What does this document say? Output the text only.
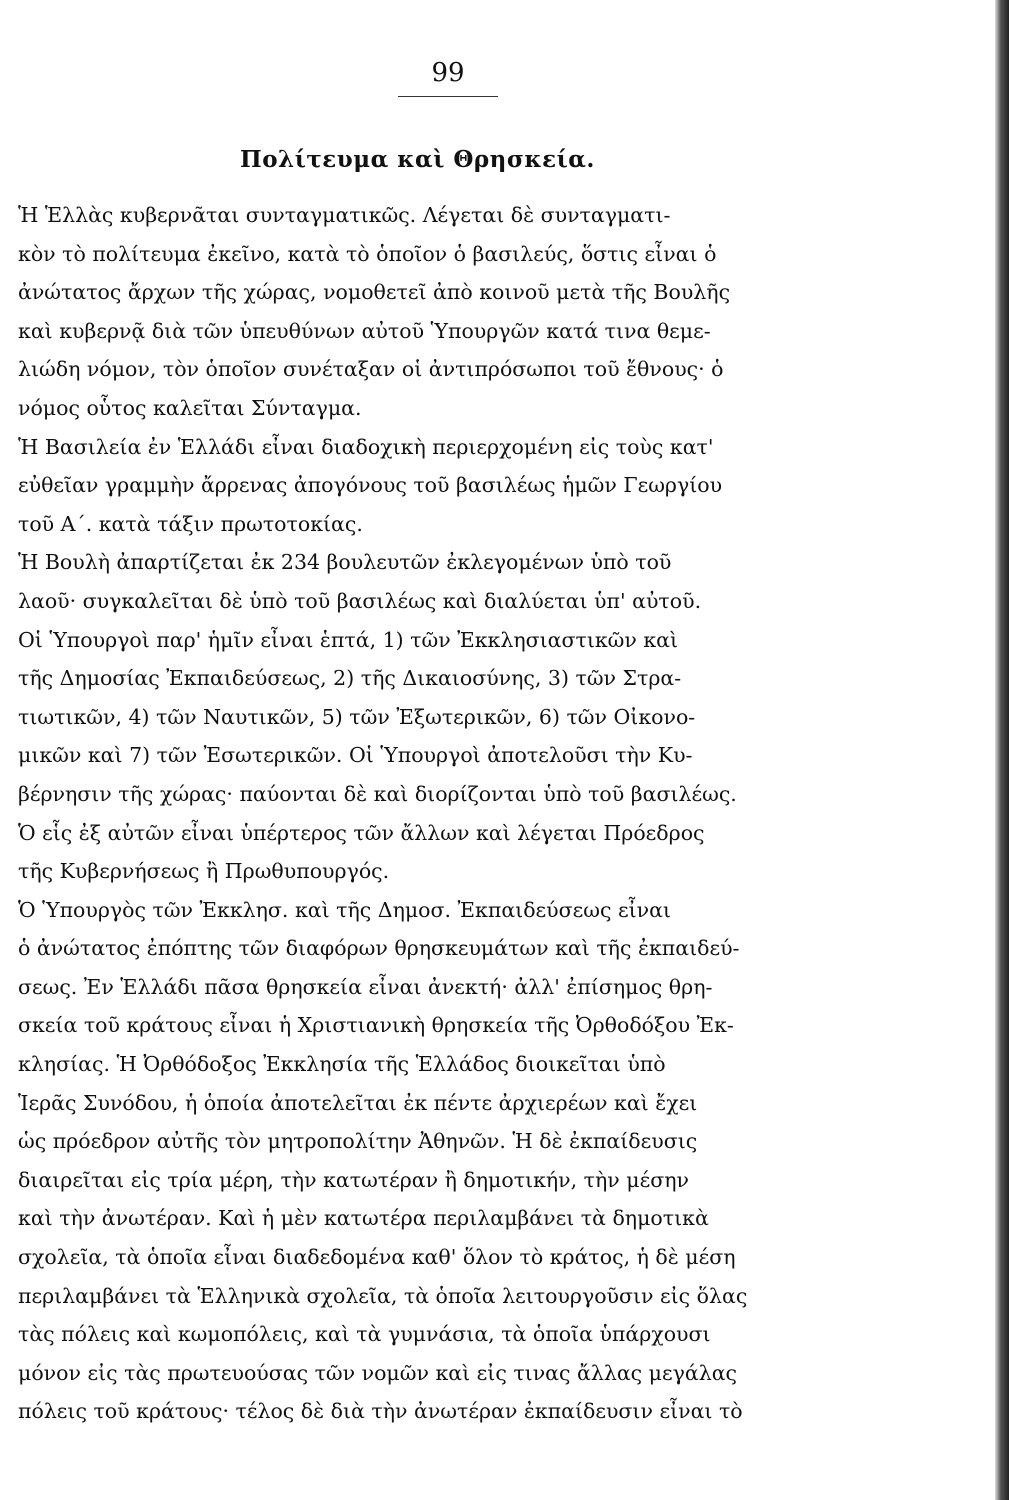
99
Πολίτευμα καὶ Θρησκεία.
Ἡ Ἑλλὰς κυβερνᾶται συνταγματικῶς. Λέγεται δὲ συνταγματι-
κὸν τὸ πολίτευμα ἐκεῖνο, κατὰ τὸ ὁποῖον ὁ βασιλεύς, ὅστις εἶναι ὁ
ἀνώτατος ἄρχων τῆς χώρας, νομοθετεῖ ἀπὸ κοινοῦ μετὰ τῆς Βουλῆς
καὶ κυβερνᾷ διὰ τῶν ὑπευθύνων αὐτοῦ Ὑπουργῶν κατά τινα θεμε-
λιώδη νόμον, τὸν ὁποῖον συνέταξαν οἱ ἀντιπρόσωποι τοῦ ἔθνους· ὁ
νόμος οὗτος καλεῖται Σύνταγμα.
Ἡ Βασιλεία ἐν Ἑλλάδι εἶναι διαδοχικὴ περιερχομένη εἰς τοὺς κατ'
εὐθεῖαν γραμμὴν ἄρρενας ἀπογόνους τοῦ βασιλέως ἡμῶν Γεωργίου
τοῦ Α΄. κατὰ τάξιν πρωτοτοκίας.
Ἡ Βουλὴ ἀπαρτίζεται ἐκ 234 βουλευτῶν ἐκλεγομένων ὑπὸ τοῦ
λαοῦ· συγκαλεῖται δὲ ὑπὸ τοῦ βασιλέως καὶ διαλύεται ὑπ' αὐτοῦ.
Οἱ Ὑπουργοὶ παρ' ἡμῖν εἶναι ἑπτά, 1) τῶν Ἐκκλησιαστικῶν καὶ
τῆς Δημοσίας Ἐκπαιδεύσεως, 2) τῆς Δικαιοσύνης, 3) τῶν Στρα-
τιωτικῶν, 4) τῶν Ναυτικῶν, 5) τῶν Ἐξωτερικῶν, 6) τῶν Οἰκονο-
μικῶν καὶ 7) τῶν Ἐσωτερικῶν. Οἱ Ὑπουργοὶ ἀποτελοῦσι τὴν Κυ-
βέρνησιν τῆς χώρας· παύονται δὲ καὶ διορίζονται ὑπὸ τοῦ βασιλέως.
Ὁ εἷς ἐξ αὐτῶν εἶναι ὑπέρτερος τῶν ἄλλων καὶ λέγεται Πρόεδρος
τῆς Κυβερνήσεως ἢ Πρωθυπουργός.
Ὁ Ὑπουργὸς τῶν Ἐκκλησ. καὶ τῆς Δημοσ. Ἐκπαιδεύσεως εἶναι
ὁ ἀνώτατος ἐπόπτης τῶν διαφόρων θρησκευμάτων καὶ τῆς ἐκπαιδεύ-
σεως. Ἐν Ἑλλάδι πᾶσα θρησκεία εἶναι ἀνεκτή· ἀλλ' ἐπίσημος θρη-
σκεία τοῦ κράτους εἶναι ἡ Χριστιανικὴ θρησκεία τῆς Ὀρθοδόξου Ἐκ-
κλησίας. Ἡ Ὀρθόδοξος Ἐκκλησία τῆς Ἑλλάδος διοικεῖται ὑπὸ
Ἱερᾶς Συνόδου, ἡ ὁποία ἀποτελεῖται ἐκ πέντε ἀρχιερέων καὶ ἔχει
ὡς πρόεδρον αὐτῆς τὸν μητροπολίτην Ἀθηνῶν. Ἡ δὲ ἐκπαίδευσις
διαιρεῖται εἰς τρία μέρη, τὴν κατωτέραν ἢ δημοτικήν, τὴν μέσην
καὶ τὴν ἀνωτέραν. Καὶ ἡ μὲν κατωτέρα περιλαμβάνει τὰ δημοτικὰ
σχολεῖα, τὰ ὁποῖα εἶναι διαδεδομένα καθ' ὅλον τὸ κράτος, ἡ δὲ μέση
περιλαμβάνει τὰ Ἑλληνικὰ σχολεῖα, τὰ ὁποῖα λειτουργοῦσιν εἰς ὅλας
τὰς πόλεις καὶ κωμοπόλεις, καὶ τὰ γυμνάσια, τὰ ὁποῖα ὑπάρχουσι
μόνον εἰς τὰς πρωτευούσας τῶν νομῶν καὶ εἰς τινας ἄλλας μεγάλας
πόλεις τοῦ κράτους· τέλος δὲ διὰ τὴν ἀνωτέραν ἐκπαίδευσιν εἶναι τὸ
